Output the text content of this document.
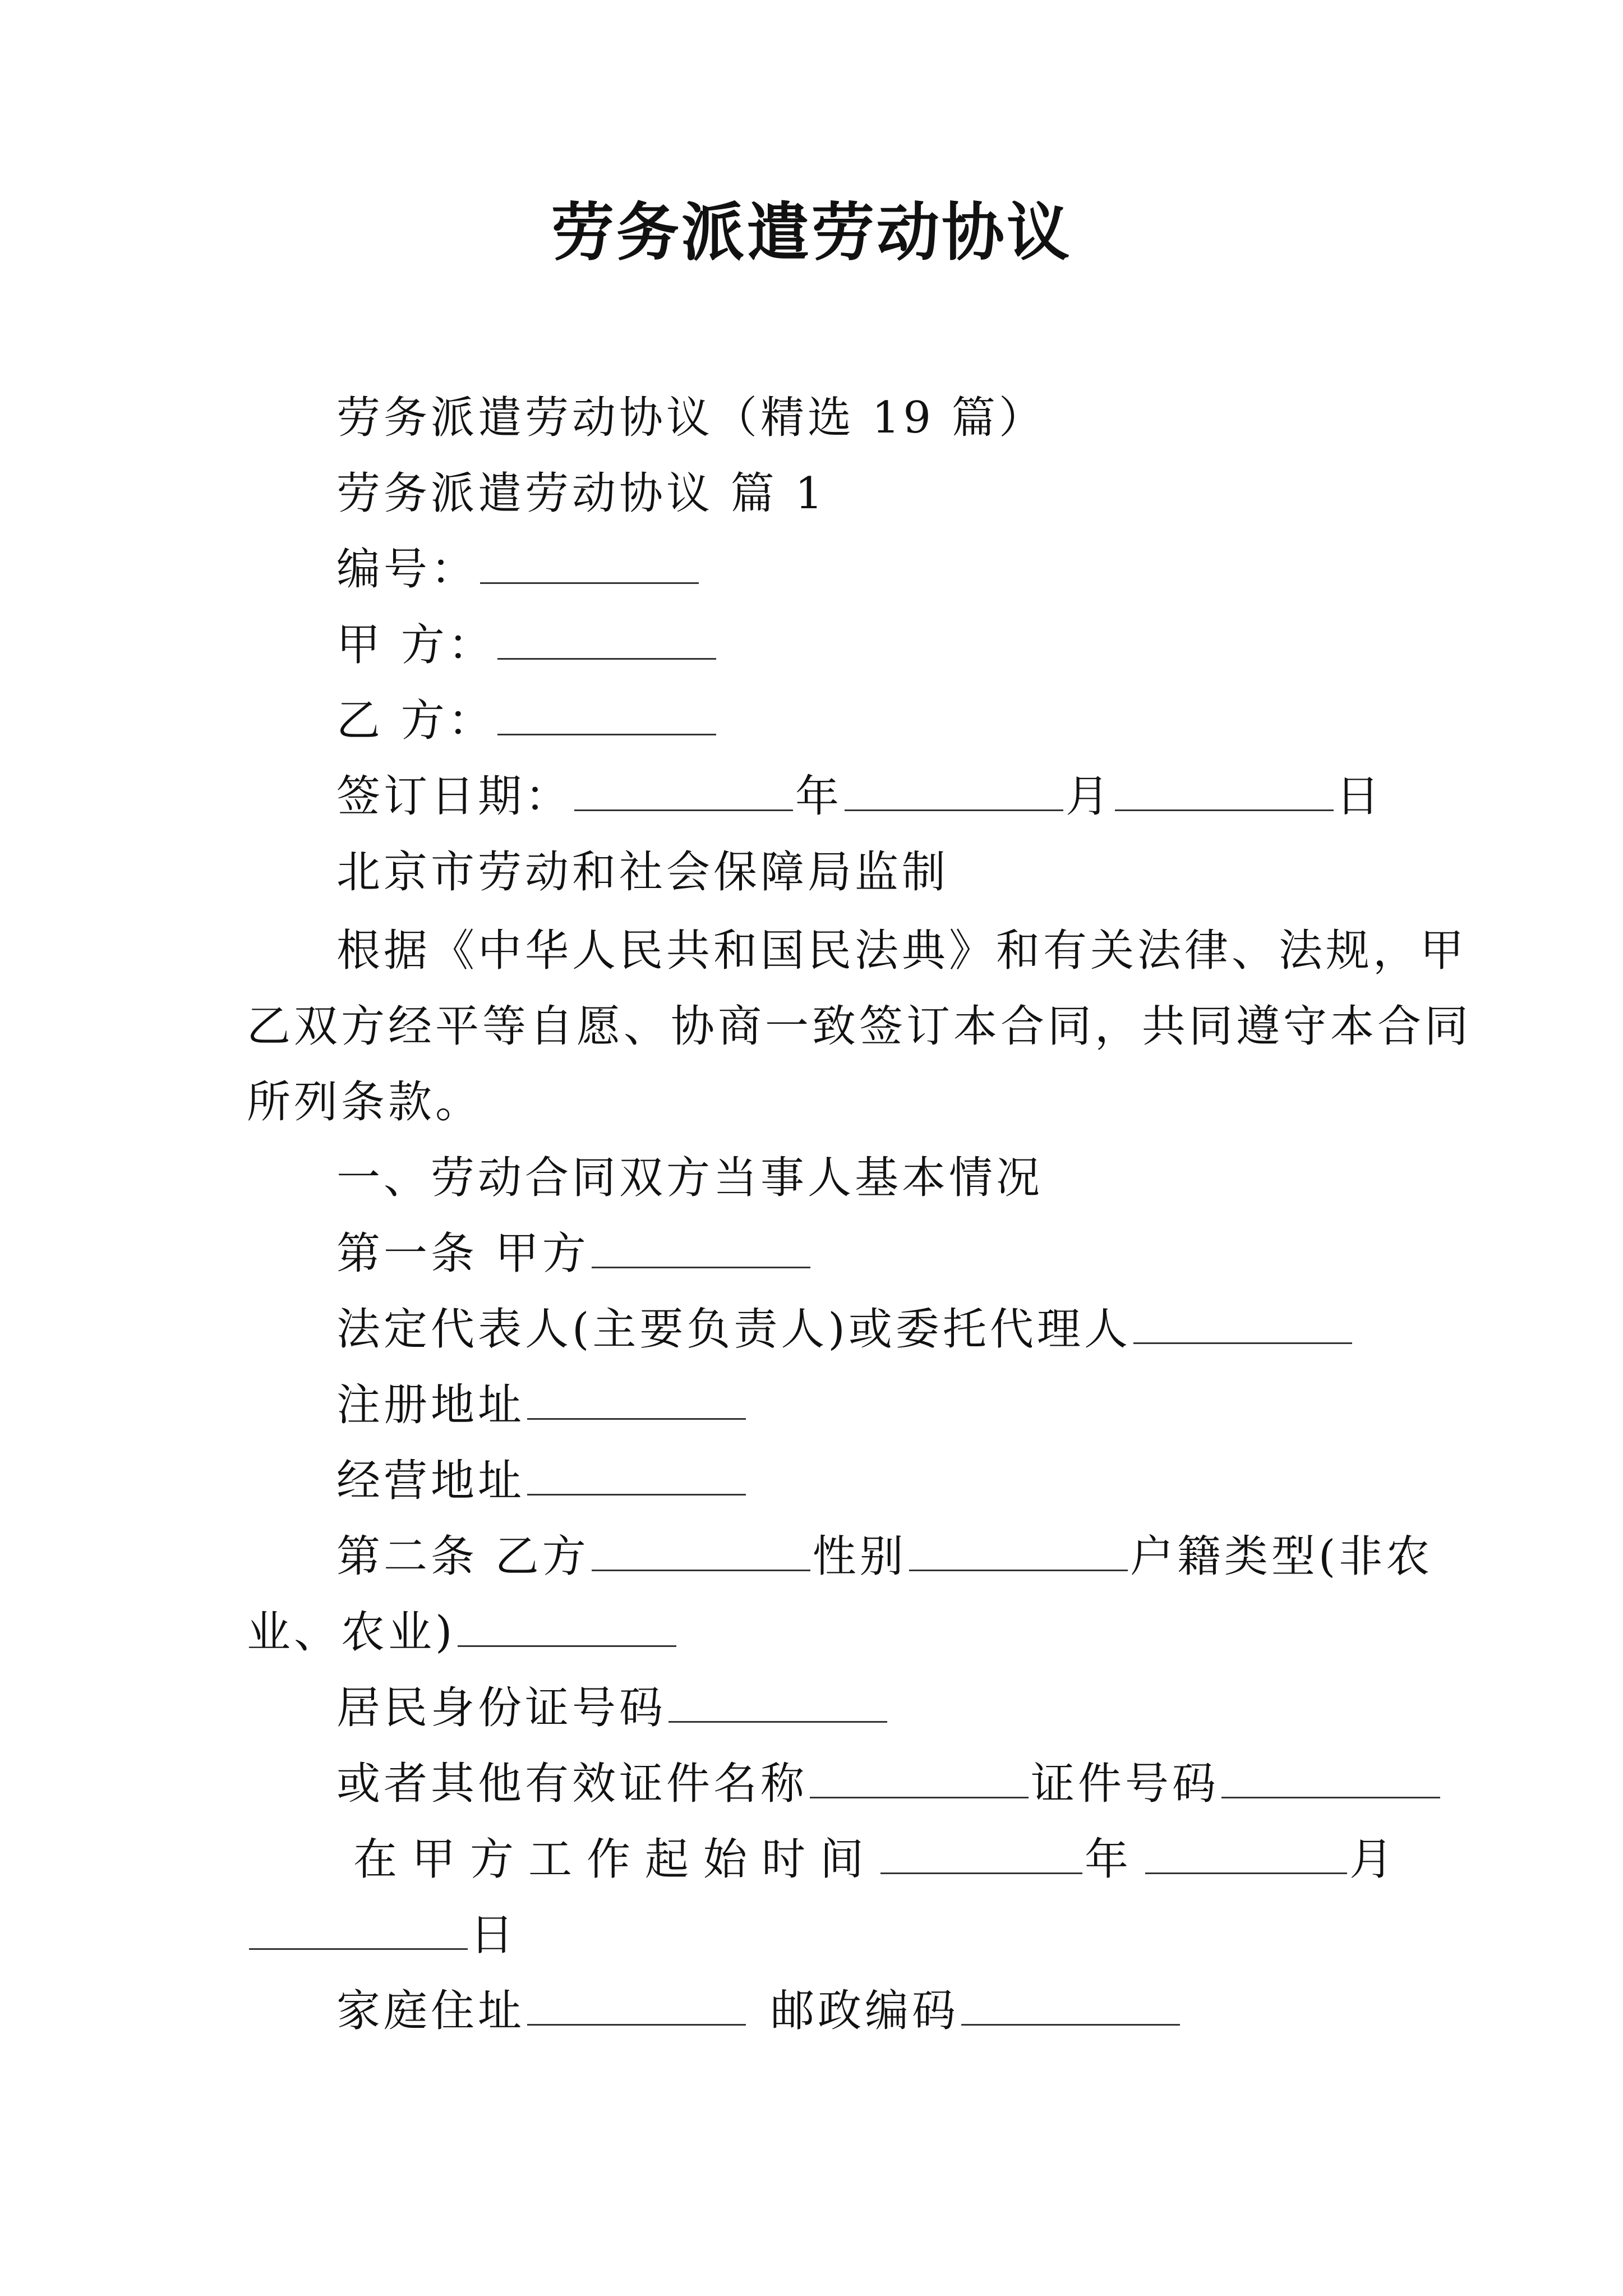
劳务派遣劳动协议
劳务派遣劳动协议（精选 19 篇）
劳务派遣劳动协议 篇 1
编号：
甲 方：
乙 方：
签订日期：	年	月	日
北京市劳动和社会保障局监制
根据《中华人民共和国民法典》和有关法律、法规，甲
乙双方经平等自愿、协商一致签订本合同，共同遵守本合同
所列条款。
一、劳动合同双方当事人基本情况
第一条 甲方
法定代表人(主要负责人)或委托代理人
注册地址
经营地址
第二条 乙方	性别	户籍类型(非农
业、农业)
居民身份证号码
或者其他有效证件名称	证件号码
在甲方工作起始时间	年	月
日
家庭住址	邮政编码
